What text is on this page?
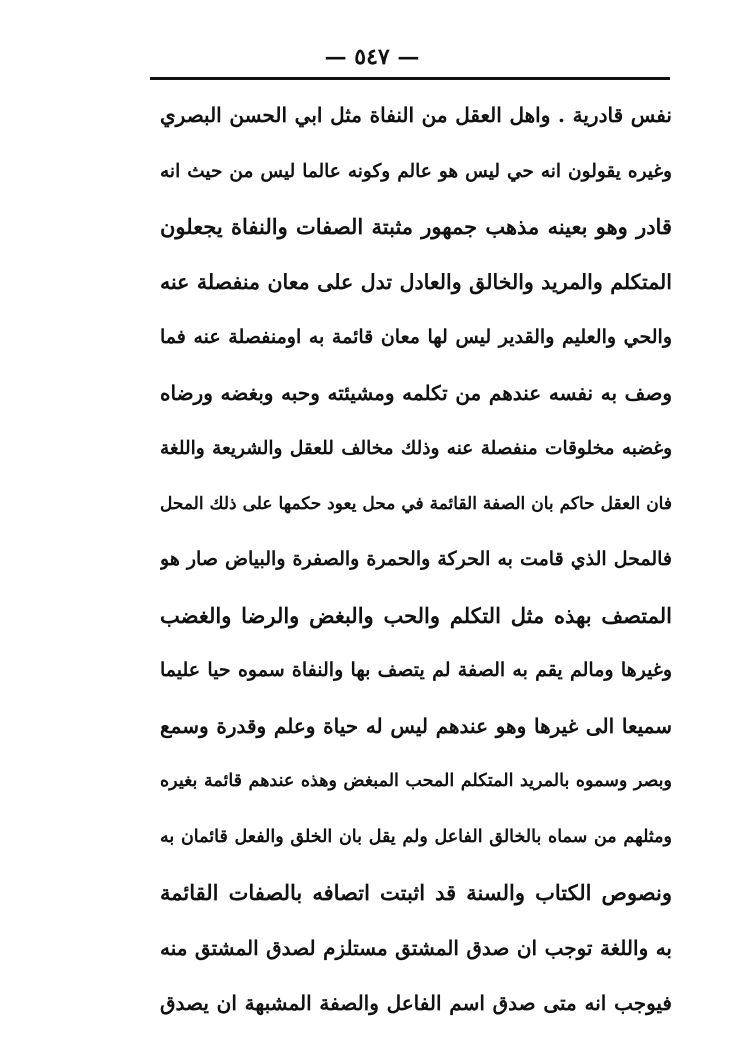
— ٥٤٧ —
نفس قادرية . واهل العقل من النفاة مثل ابي الحسن البصري
وغيره يقولون انه حي ليس هو عالم وكونه عالما ليس من حيث انه
قادر وهو بعينه مذهب جمهور مثبتة الصفات والنفاة يجعلون
المتكلم والمريد والخالق والعادل تدل على معان منفصلة عنه
والحي والعليم والقدير ليس لها معان قائمة به اومنفصلة عنه فما
وصف به نفسه عندهم من تكلمه ومشيئته وحبه وبغضه ورضاه
وغضبه مخلوقات منفصلة عنه وذلك مخالف للعقل والشريعة واللغة
فان العقل حاكم بان الصفة القائمة في محل يعود حكمها على ذلك المحل
فالمحل الذي قامت به الحركة والحمرة والصفرة والبياض صار هو
المتصف بهذه مثل التكلم والحب والبغض والرضا والغضب
وغيرها ومالم يقم به الصفة لم يتصف بها والنفاة سموه حيا عليما
سميعا الى غيرها وهو عندهم ليس له حياة وعلم وقدرة وسمع
وبصر وسموه بالمريد المتكلم المحب المبغض وهذه عندهم قائمة بغيره
ومثلهم من سماه بالخالق الفاعل ولم يقل بان الخلق والفعل قائمان به
ونصوص الكتاب والسنة قد اثبتت اتصافه بالصفات القائمة
به واللغة توجب ان صدق المشتق مستلزم لصدق المشتق منه
فيوجب انه متى صدق اسم الفاعل والصفة المشبهة ان يصدق
